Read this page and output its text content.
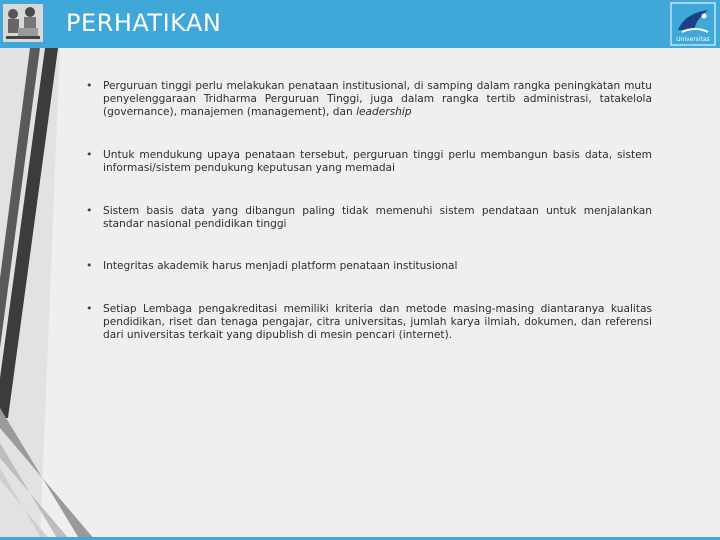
PERHATIKAN
Universitas
• Perguruan tinggi perlu melakukan penataan institusional, di samping dalam rangka peningkatan mutu penyelenggaraan Tridharma Perguruan Tinggi, juga dalam rangka tertib administrasi, tatakelola (governance), manajemen (management), dan leadership
• Untuk mendukung upaya penataan tersebut, perguruan tinggi perlu membangun basis data, sistem informasi/sistem pendukung keputusan yang memadai
• Sistem basis data yang dibangun paling tidak memenuhi sistem pendataan untuk menjalankan standar nasional pendidikan tinggi
• Integritas akademik harus menjadi platform penataan institusional
• Setiap Lembaga pengakreditasi memiliki kriteria dan metode masing-masing diantaranya kualitas pendidikan, riset dan tenaga pengajar, citra universitas, jumlah karya ilmiah, dokumen, dan referensi dari universitas terkait yang dipublish di mesin pencari (internet).
